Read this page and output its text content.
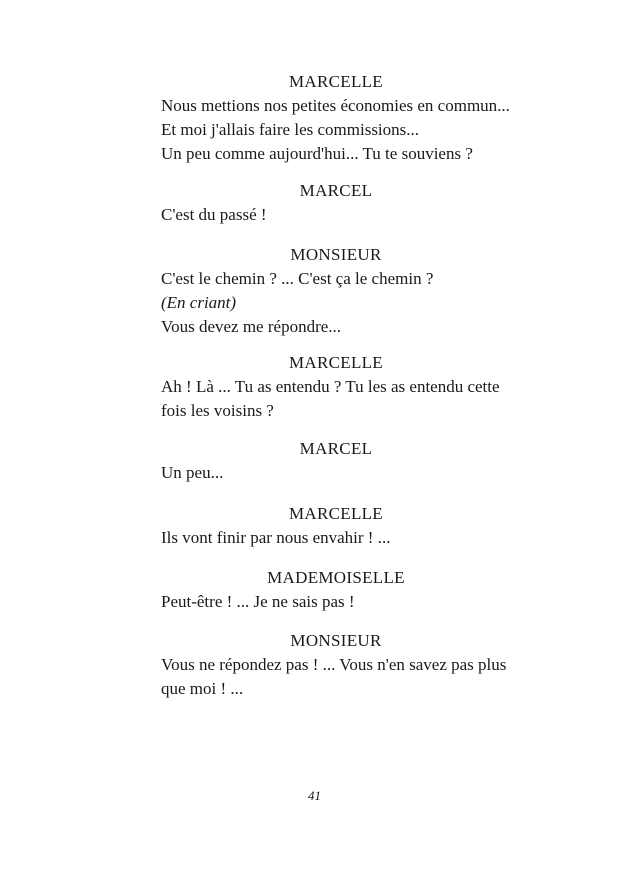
MARCELLE
Nous mettions nos petites économies en commun...
Et moi j'allais faire les commissions...
Un peu comme aujourd'hui... Tu te souviens ?
MARCEL
C'est du passé !
MONSIEUR
C'est le chemin ? ... C'est ça le chemin ?
(En criant)
Vous devez me répondre...
MARCELLE
Ah ! Là ... Tu as entendu ? Tu les as entendu cette
fois les voisins ?
MARCEL
Un peu...
MARCELLE
Ils vont finir par nous envahir ! ...
MADEMOISELLE
Peut-être ! ... Je ne sais pas !
MONSIEUR
Vous ne répondez pas ! ... Vous n'en savez pas plus
que moi ! ...
41
